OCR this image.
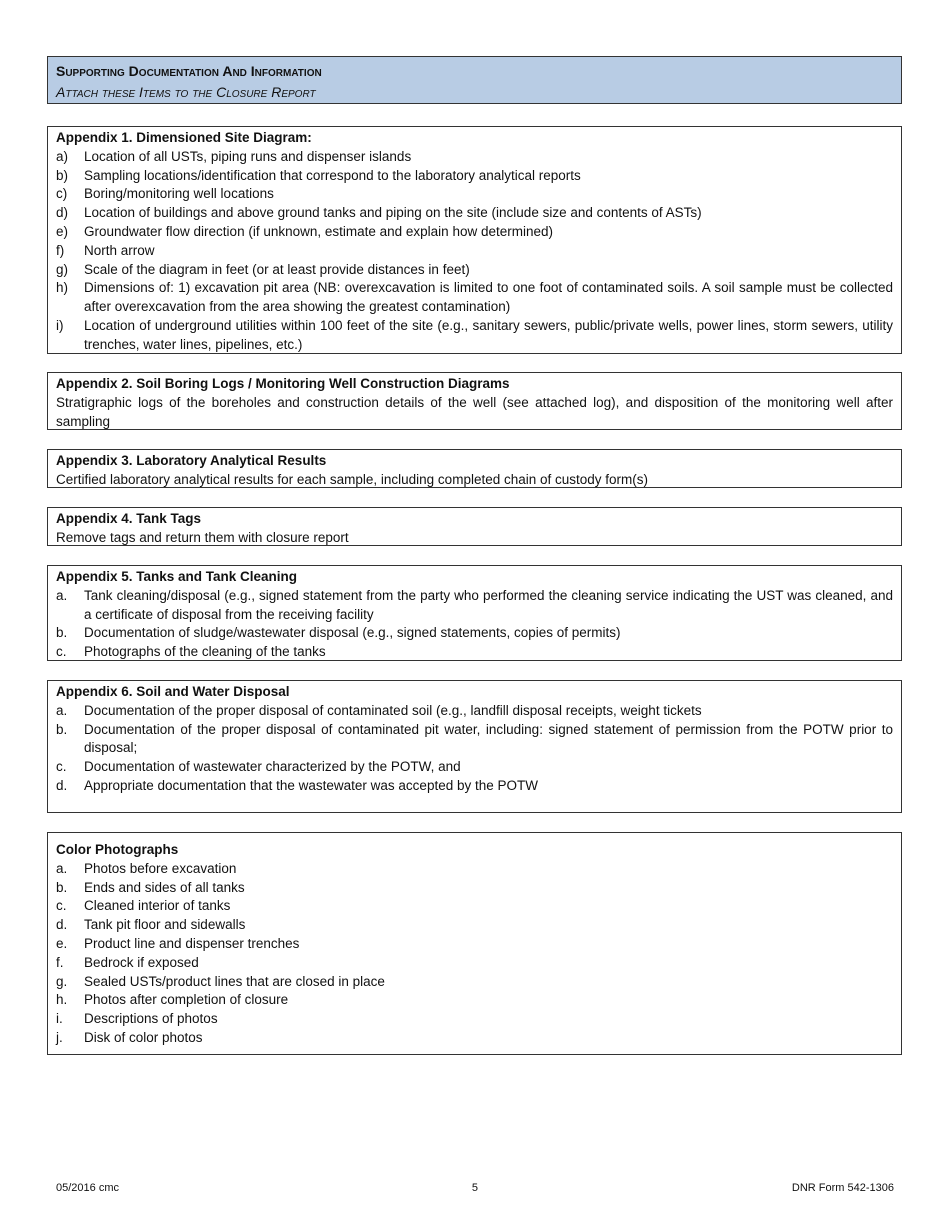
Supporting Documentation And Information
Attach these Items to the Closure Report
Appendix 1. Dimensioned Site Diagram:
a)	Location of all USTs, piping runs and dispenser islands
b)	Sampling locations/identification that correspond to the laboratory analytical reports
c)	Boring/monitoring well locations
d)	Location of buildings and above ground tanks and piping on the site (include size and contents of ASTs)
e)	Groundwater flow direction (if unknown, estimate and explain how determined)
f)	North arrow
g)	Scale of the diagram in feet (or at least provide distances in feet)
h)	Dimensions of: 1) excavation pit area (NB: overexcavation is limited to one foot of contaminated soils. A soil sample must be collected after overexcavation from the area showing the greatest contamination)
i)	Location of underground utilities within 100 feet of the site (e.g., sanitary sewers, public/private wells, power lines, storm sewers, utility trenches, water lines, pipelines, etc.)
Appendix 2. Soil Boring Logs / Monitoring Well Construction Diagrams
Stratigraphic logs of the boreholes and construction details of the well (see attached log), and disposition of the monitoring well after sampling
Appendix 3. Laboratory Analytical Results
Certified laboratory analytical results for each sample, including completed chain of custody form(s)
Appendix 4. Tank Tags
Remove tags and return them with closure report
Appendix 5. Tanks and Tank Cleaning
a.	Tank cleaning/disposal (e.g., signed statement from the party who performed the cleaning service indicating the UST was cleaned, and a certificate of disposal from the receiving facility
b.	Documentation of sludge/wastewater disposal (e.g., signed statements, copies of permits)
c.	Photographs of the cleaning of the tanks
Appendix 6. Soil and Water Disposal
a.	Documentation of the proper disposal of contaminated soil (e.g., landfill disposal receipts, weight tickets
b.	Documentation of the proper disposal of contaminated pit water, including: signed statement of permission from the POTW prior to disposal;
c.	Documentation of wastewater characterized by the POTW, and
d.	Appropriate documentation that the wastewater was accepted by the POTW
Color Photographs
a.	Photos before excavation
b.	Ends and sides of all tanks
c.	Cleaned interior of tanks
d.	Tank pit floor and sidewalls
e.	Product line and dispenser trenches
f.	Bedrock if exposed
g.	Sealed USTs/product lines that are closed in place
h.	Photos after completion of closure
i.	Descriptions of photos
j.	Disk of color photos
05/2016 cmc	5	DNR Form 542-1306
